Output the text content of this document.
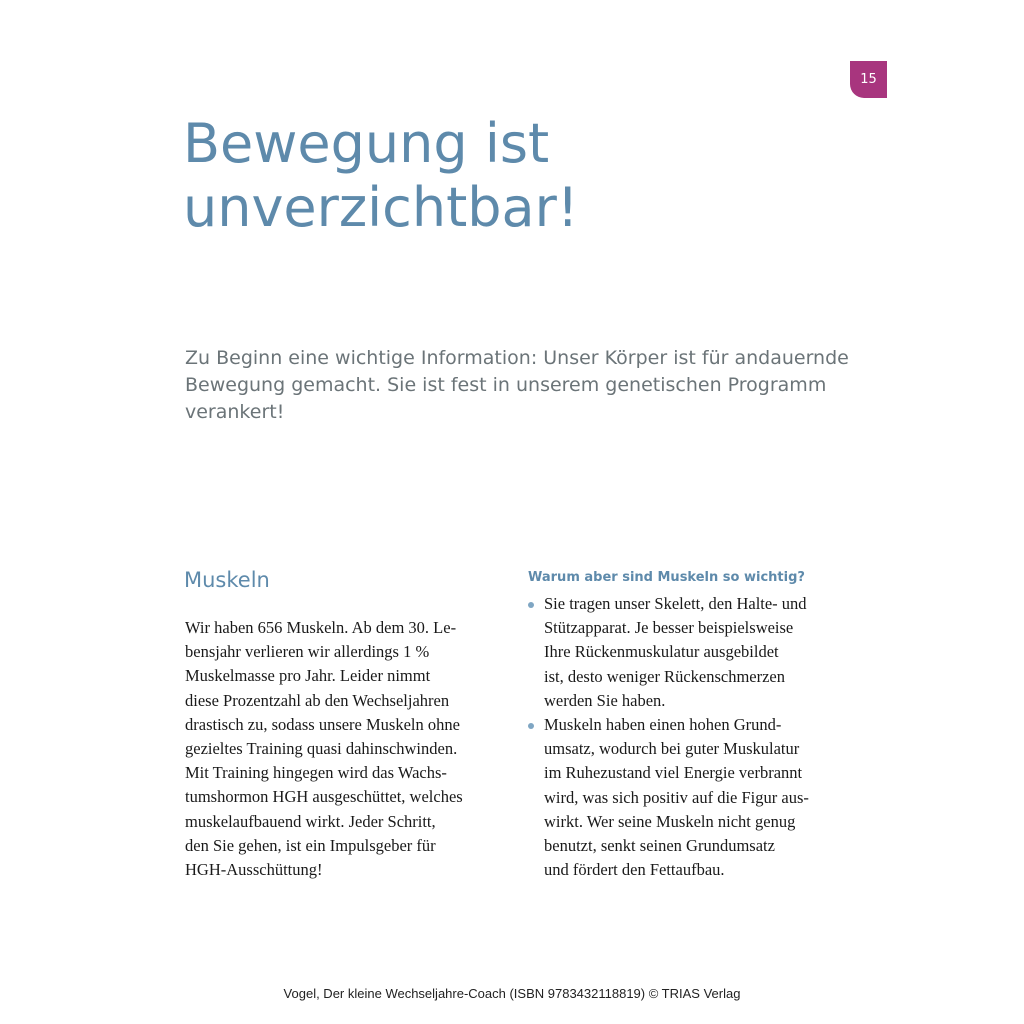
15
Bewegung ist
unverzichtbar!

Zu Beginn eine wichtige Information: Unser Körper ist für andauernde
Bewegung gemacht. Sie ist fest in unserem genetischen Programm
verankert!

Muskeln

Wir haben 656 Muskeln. Ab dem 30. Le-
bensjahr verlieren wir allerdings 1 %
Muskelmasse pro Jahr. Leider nimmt
diese Prozentzahl ab den Wechseljahren
drastisch zu, sodass unsere Muskeln ohne
gezieltes Training quasi dahinschwinden.
Mit Training hingegen wird das Wachs-
tumshormon HGH ausgeschüttet, welches
muskelaufbauend wirkt. Jeder Schritt,
den Sie gehen, ist ein Impulsgeber für
HGH-Ausschüttung!

Warum aber sind Muskeln so wichtig?
Sie tragen unser Skelett, den Halte- und
Stützapparat. Je besser beispielsweise
Ihre Rückenmuskulatur ausgebildet
ist, desto weniger Rückenschmerzen
werden Sie haben.
Muskeln haben einen hohen Grund-
umsatz, wodurch bei guter Muskulatur
im Ruhezustand viel Energie verbrannt
wird, was sich positiv auf die Figur aus-
wirkt. Wer seine Muskeln nicht genug
benutzt, senkt seinen Grundumsatz
und fördert den Fettaufbau.
Vogel, Der kleine Wechseljahre-Coach (ISBN 9783432118819) © TRIAS Verlag
